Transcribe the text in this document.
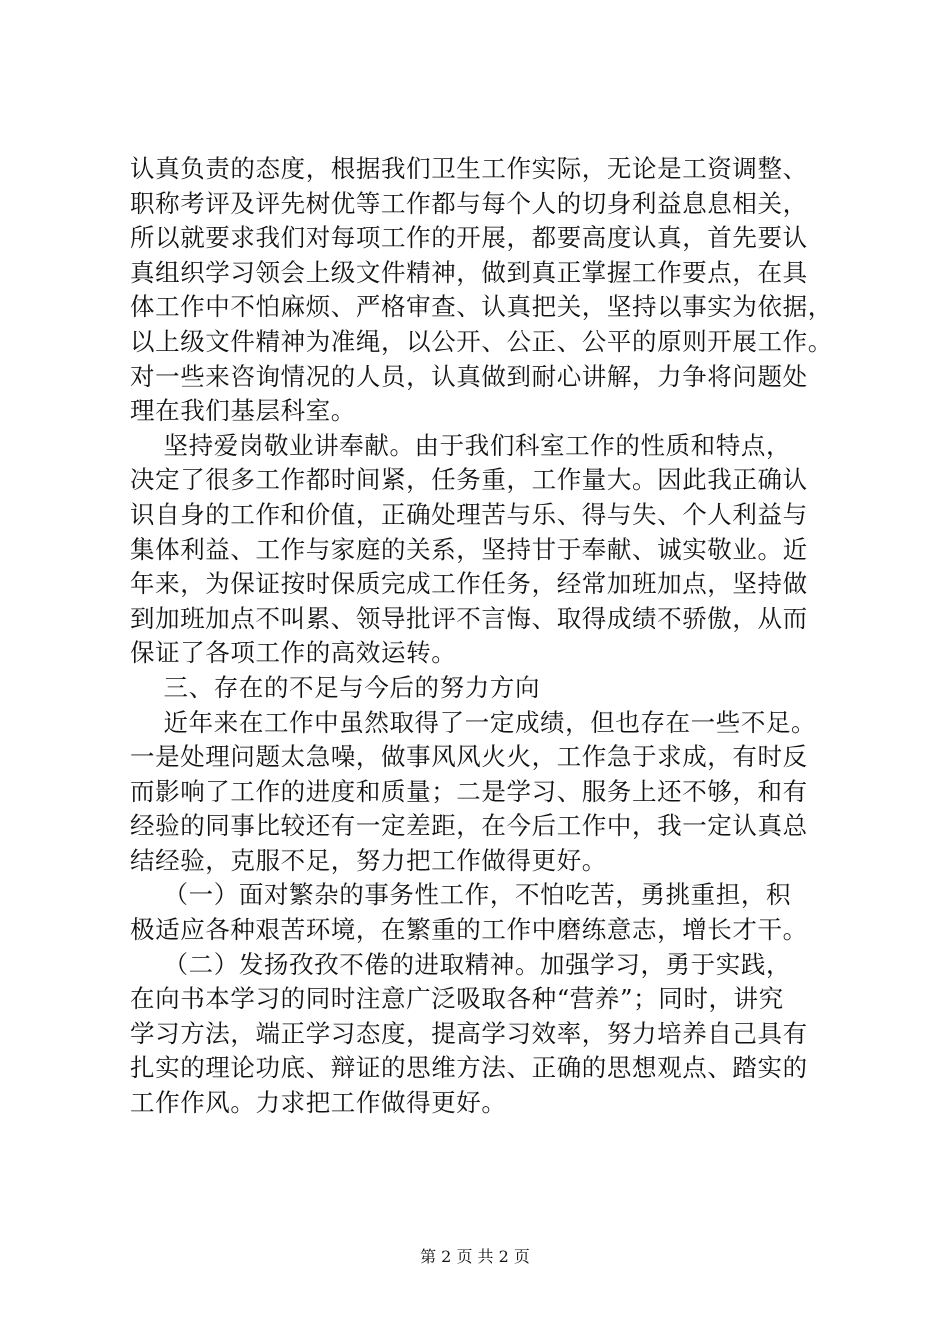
认真负责的态度，根据我们卫生工作实际，无论是工资调整、
职称考评及评先树优等工作都与每个人的切身利益息息相关，
所以就要求我们对每项工作的开展，都要高度认真，首先要认
真组织学习领会上级文件精神，做到真正掌握工作要点，在具
体工作中不怕麻烦、严格审查、认真把关，坚持以事实为依据，
以上级文件精神为准绳，以公开、公正、公平的原则开展工作。
对一些来咨询情况的人员，认真做到耐心讲解，力争将问题处
理在我们基层科室。
坚持爱岗敬业讲奉献。由于我们科室工作的性质和特点，
决定了很多工作都时间紧，任务重，工作量大。因此我正确认
识自身的工作和价值，正确处理苦与乐、得与失、个人利益与
集体利益、工作与家庭的关系，坚持甘于奉献、诚实敬业。近
年来，为保证按时保质完成工作任务，经常加班加点，坚持做
到加班加点不叫累、领导批评不言悔、取得成绩不骄傲，从而
保证了各项工作的高效运转。
三、存在的不足与今后的努力方向
近年来在工作中虽然取得了一定成绩，但也存在一些不足。
一是处理问题太急噪，做事风风火火，工作急于求成，有时反
而影响了工作的进度和质量；二是学习、服务上还不够，和有
经验的同事比较还有一定差距，在今后工作中，我一定认真总
结经验，克服不足，努力把工作做得更好。
（一）面对繁杂的事务性工作，不怕吃苦，勇挑重担，积
极适应各种艰苦环境，在繁重的工作中磨练意志，增长才干。
（二）发扬孜孜不倦的进取精神。加强学习，勇于实践，
在向书本学习的同时注意广泛吸取各种“营养”；同时，讲究
学习方法，端正学习态度，提高学习效率，努力培养自己具有
扎实的理论功底、辩证的思维方法、正确的思想观点、踏实的
工作作风。力求把工作做得更好。
第 2 页 共 2 页
